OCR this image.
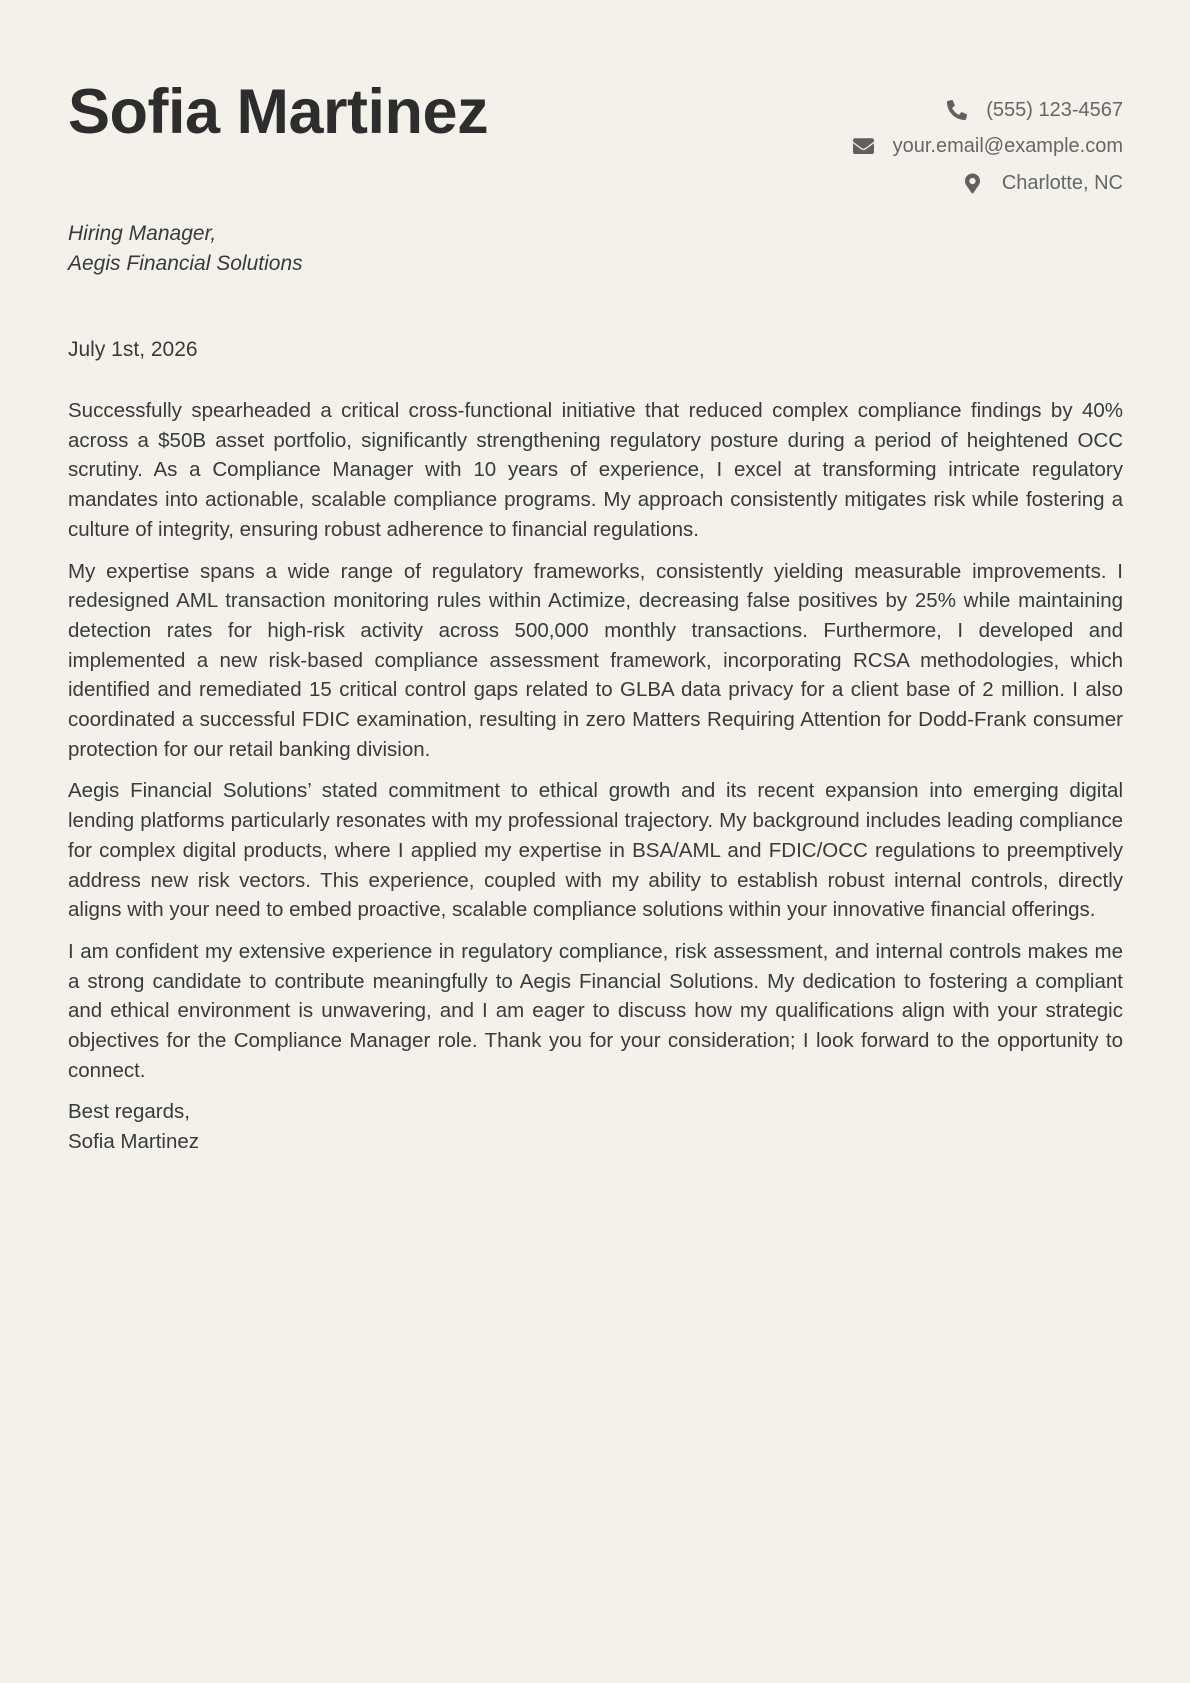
Sofia Martinez	(555) 123-4567
your.email@example.com
Charlotte, NC
Hiring Manager,
Aegis Financial Solutions
July 1st, 2026

Successfully spearheaded a critical cross-functional initiative that reduced complex compliance findings by 40% across a $50B asset portfolio, significantly strengthening regulatory posture during a period of heightened OCC scrutiny. As a Compliance Manager with 10 years of experience, I excel at transforming intricate regulatory mandates into actionable, scalable compliance programs. My approach consistently mitigates risk while fostering a culture of integrity, ensuring robust adherence to financial regulations.

My expertise spans a wide range of regulatory frameworks, consistently yielding measurable improvements. I redesigned AML transaction monitoring rules within Actimize, decreasing false positives by 25% while maintaining detection rates for high-risk activity across 500,000 monthly transactions. Furthermore, I developed and implemented a new risk-based compliance assessment framework, incorporating RCSA methodologies, which identified and remediated 15 critical control gaps related to GLBA data privacy for a client base of 2 million. I also coordinated a successful FDIC examination, resulting in zero Matters Requiring Attention for Dodd-Frank consumer protection for our retail banking division.

Aegis Financial Solutions’ stated commitment to ethical growth and its recent expansion into emerging digital lending platforms particularly resonates with my professional trajectory. My background includes leading compliance for complex digital products, where I applied my expertise in BSA/AML and FDIC/OCC regulations to preemptively address new risk vectors. This experience, coupled with my ability to establish robust internal controls, directly aligns with your need to embed proactive, scalable compliance solutions within your innovative financial offerings.

I am confident my extensive experience in regulatory compliance, risk assessment, and internal controls makes me a strong candidate to contribute meaningfully to Aegis Financial Solutions. My dedication to fostering a compliant and ethical environment is unwavering, and I am eager to discuss how my qualifications align with your strategic objectives for the Compliance Manager role. Thank you for your consideration; I look forward to the opportunity to connect.

Best regards,
Sofia Martinez
